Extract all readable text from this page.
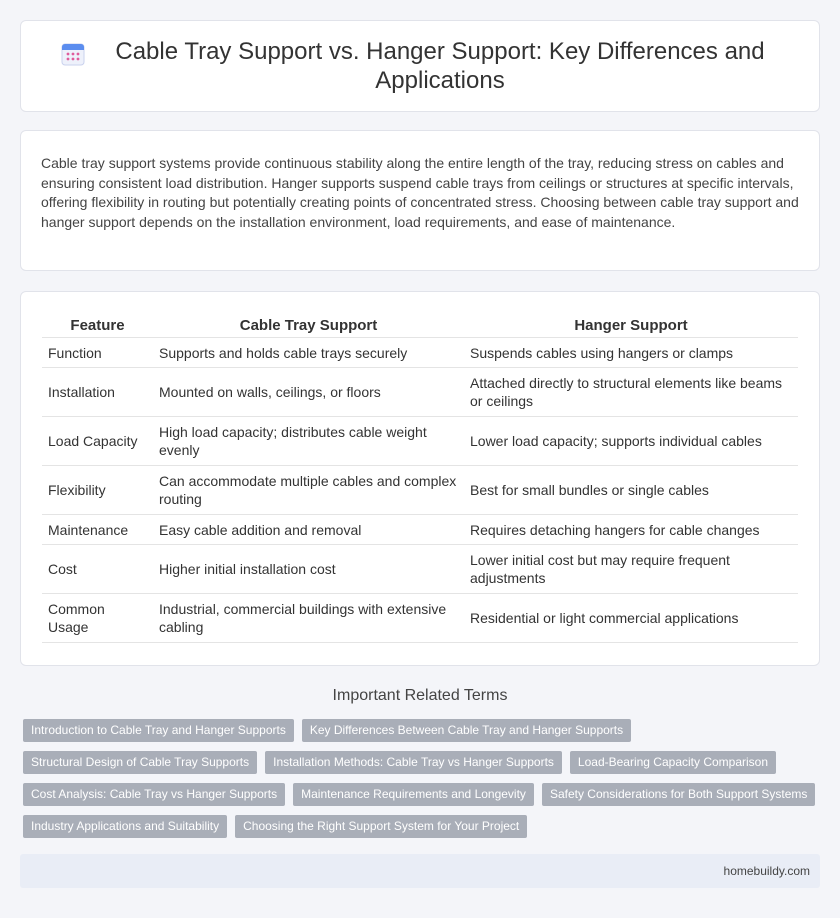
Cable Tray Support vs. Hanger Support: Key Differences and Applications

Cable tray support systems provide continuous stability along the entire length of the tray, reducing stress on cables and ensuring consistent load distribution. Hanger supports suspend cable trays from ceilings or structures at specific intervals, offering flexibility in routing but potentially creating points of concentrated stress. Choosing between cable tray support and hanger support depends on the installation environment, load requirements, and ease of maintenance.

Feature	Cable Tray Support	Hanger Support
Function	Supports and holds cable trays securely	Suspends cables using hangers or clamps
Installation	Mounted on walls, ceilings, or floors	Attached directly to structural elements like beams or ceilings
Load Capacity	High load capacity; distributes cable weight evenly	Lower load capacity; supports individual cables
Flexibility	Can accommodate multiple cables and complex routing	Best for small bundles or single cables
Maintenance	Easy cable addition and removal	Requires detaching hangers for cable changes
Cost	Higher initial installation cost	Lower initial cost but may require frequent adjustments
Common Usage	Industrial, commercial buildings with extensive cabling	Residential or light commercial applications
Important Related Terms
Introduction to Cable Tray and Hanger Supports	Key Differences Between Cable Tray and Hanger Supports
Structural Design of Cable Tray Supports	Installation Methods: Cable Tray vs Hanger Supports	Load-Bearing Capacity Comparison
Cost Analysis: Cable Tray vs Hanger Supports	Maintenance Requirements and Longevity	Safety Considerations for Both Support Systems
Industry Applications and Suitability	Choosing the Right Support System for Your Project
homebuildy.com
